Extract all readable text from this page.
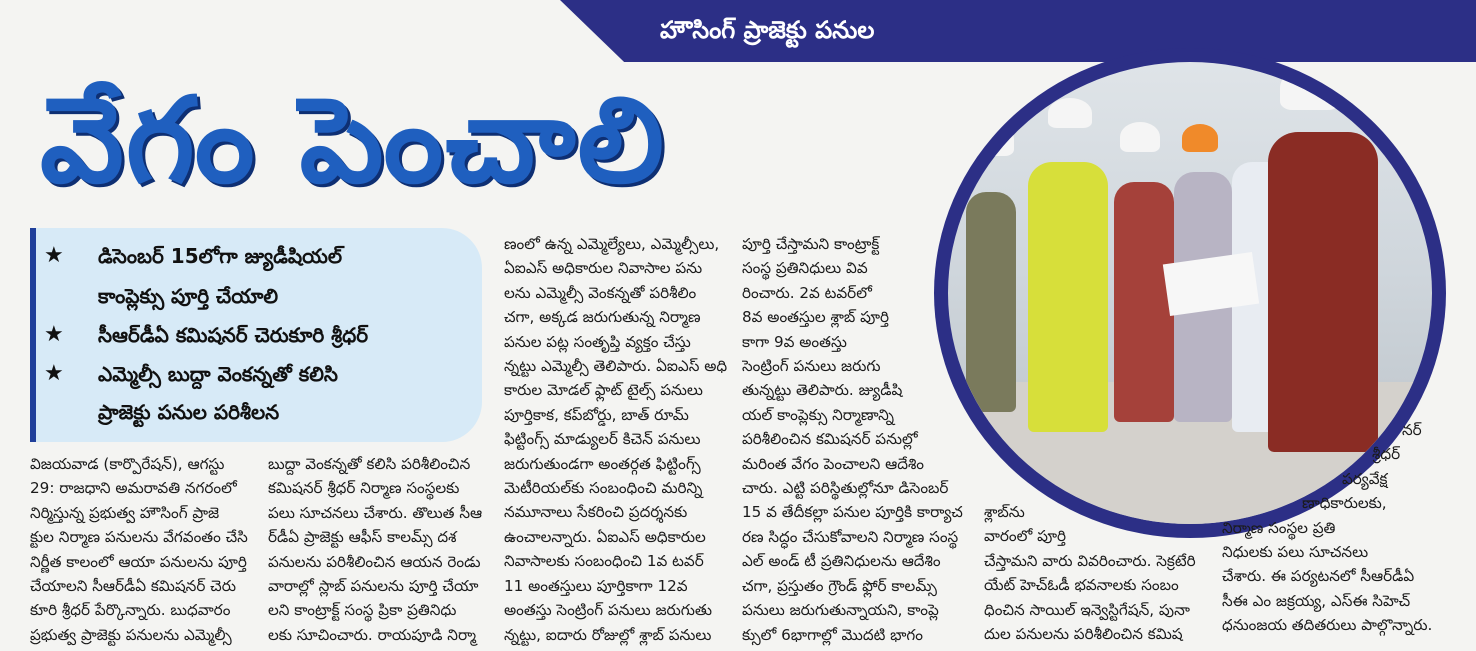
హౌసింగ్ ప్రాజెక్టు పనుల
వేగం పెంచాలి
★ డిసెంబర్ 15లోగా జ్యుడీషియల్
కాంప్లెక్సు పూర్తి చేయాలి
★ సీఆర్‌డీఏ కమిషనర్ చెరుకూరి శ్రీధర్
★ ఎమ్మెల్సీ బుద్దా వెంకన్నతో కలిసి
ప్రాజెక్టు పనుల పరిశీలన

విజయవాడ (కార్పొరేషన్), ఆగస్టు

29: రాజధాని అమరావతి నగరంలో

నిర్మిస్తున్న ప్రభుత్వ హౌసింగ్ ప్రాజె

క్టుల నిర్మాణ పనులను వేగవంతం చేసి

నిర్ణీత కాలంలో ఆయా పనులను పూర్తి

చేయాలని సీఆర్‌డీఏ కమిషనర్ చెరు

కూరి శ్రీధర్ పేర్కొన్నారు. బుధవారం

ప్రభుత్వ ప్రాజెక్టు పనులను ఎమ్మెల్సీ

బుద్దా వెంకన్నతో కలిసి పరిశీలించిన

కమిషనర్ శ్రీధర్ నిర్మాణ సంస్థలకు

పలు సూచనలు చేశారు. తొలుత సీఆ

ర్‌డీఏ ప్రాజెక్టు ఆఫీస్ కాలమ్స్ దశ

పనులను పరిశీలించిన ఆయన రెండు

వారాల్లో స్లాబ్ పనులను పూర్తి చేయా

లని కాంట్రాక్ట్ సంస్థ ప్రికా ప్రతినిధు

లకు సూచించారు. రాయపూడి నిర్మా

ణంలో ఉన్న ఎమ్మెల్యేలు, ఎమ్మెల్సీలు,

ఏఐఎస్ అధికారుల నివాసాల పను

లను ఎమ్మెల్సీ వెంకన్నతో పరిశీలిం

చగా, అక్కడ జరుగుతున్న నిర్మాణ

పనుల పట్ల సంతృప్తి వ్యక్తం చేస్తు

న్నట్టు ఎమ్మెల్సీ తెలిపారు. ఏఐఎస్ అధి

కారుల మోడల్ ఫ్లాట్ టైల్స్ పనులు

పూర్తికాక, కప్‌బోర్డు, బాత్ రూమ్

ఫిట్టింగ్స్ మాడ్యులర్ కిచెన్ పనులు

జరుగుతుండగా అంతర్గత ఫిట్టింగ్స్

మెటీరియల్‌కు సంబంధించి మరిన్ని

నమూనాలు సేకరించి ప్రదర్శనకు

ఉంచాలన్నారు. ఏఐఎస్ అధికారుల

నివాసాలకు సంబంధించి 1వ టవర్

11 అంతస్తులు పూర్తికాగా 12వ

అంతస్తు సెంట్రింగ్ పనులు జరుగుతు

న్నట్టు, ఐదారు రోజుల్లో శ్లాబ్ పనులు

పూర్తి చేస్తామని కాంట్రాక్ట్

సంస్థ ప్రతినిధులు వివ

రించారు. 2వ టవర్‌లో

8వ అంతస్తుల శ్లాబ్ పూర్తి

కాగా 9వ అంతస్తు

సెంట్రింగ్ పనులు జరుగు

తున్నట్టు తెలిపారు. జ్యుడీషి

యల్ కాంప్లెక్సు నిర్మాణాన్ని

పరిశీలించిన కమిషనర్ పనుల్లో

మరింత వేగం పెంచాలని ఆదేశిం

చారు. ఎట్టి పరిస్థితుల్లోనూ డిసెంబర్

15 వ తేదీకల్లా పనుల పూర్తికి కార్యాచ

రణ సిద్ధం చేసుకోవాలని నిర్మాణ సంస్థ

ఎల్ అండ్ టీ ప్రతినిధులను ఆదేశిం

చగా, ప్రస్తుతం గ్రౌండ్ ఫ్లోర్ కాలమ్స్

పనులు జరుగుతున్నాయని, కాంప్లె

క్సులో 6భాగాల్లో మొదటి భాగం

శ్లాబ్‌ను

వారంలో పూర్తి

చేస్తామని వారు వివరించారు. సెక్రటేరి

యేట్ హెచ్ఓడీ భవనాలకు సంబం

ధించిన సాయిల్ ఇన్వెస్టిగేషన్, పునా

దుల పనులను పరిశీలించిన కమిష

నర్

శ్రీధర్

పర్యవేక్ష

ణాధికారులకు,

నిర్మాణ సంస్థల ప్రతి

నిధులకు పలు సూచనలు

చేశారు. ఈ పర్యటనలో సీఆర్‌డీఏ

సీఈ ఎం జక్రయ్య, ఎస్ఈ సిహెచ్

ధనుంజయ తదితరులు పాల్గొన్నారు.
